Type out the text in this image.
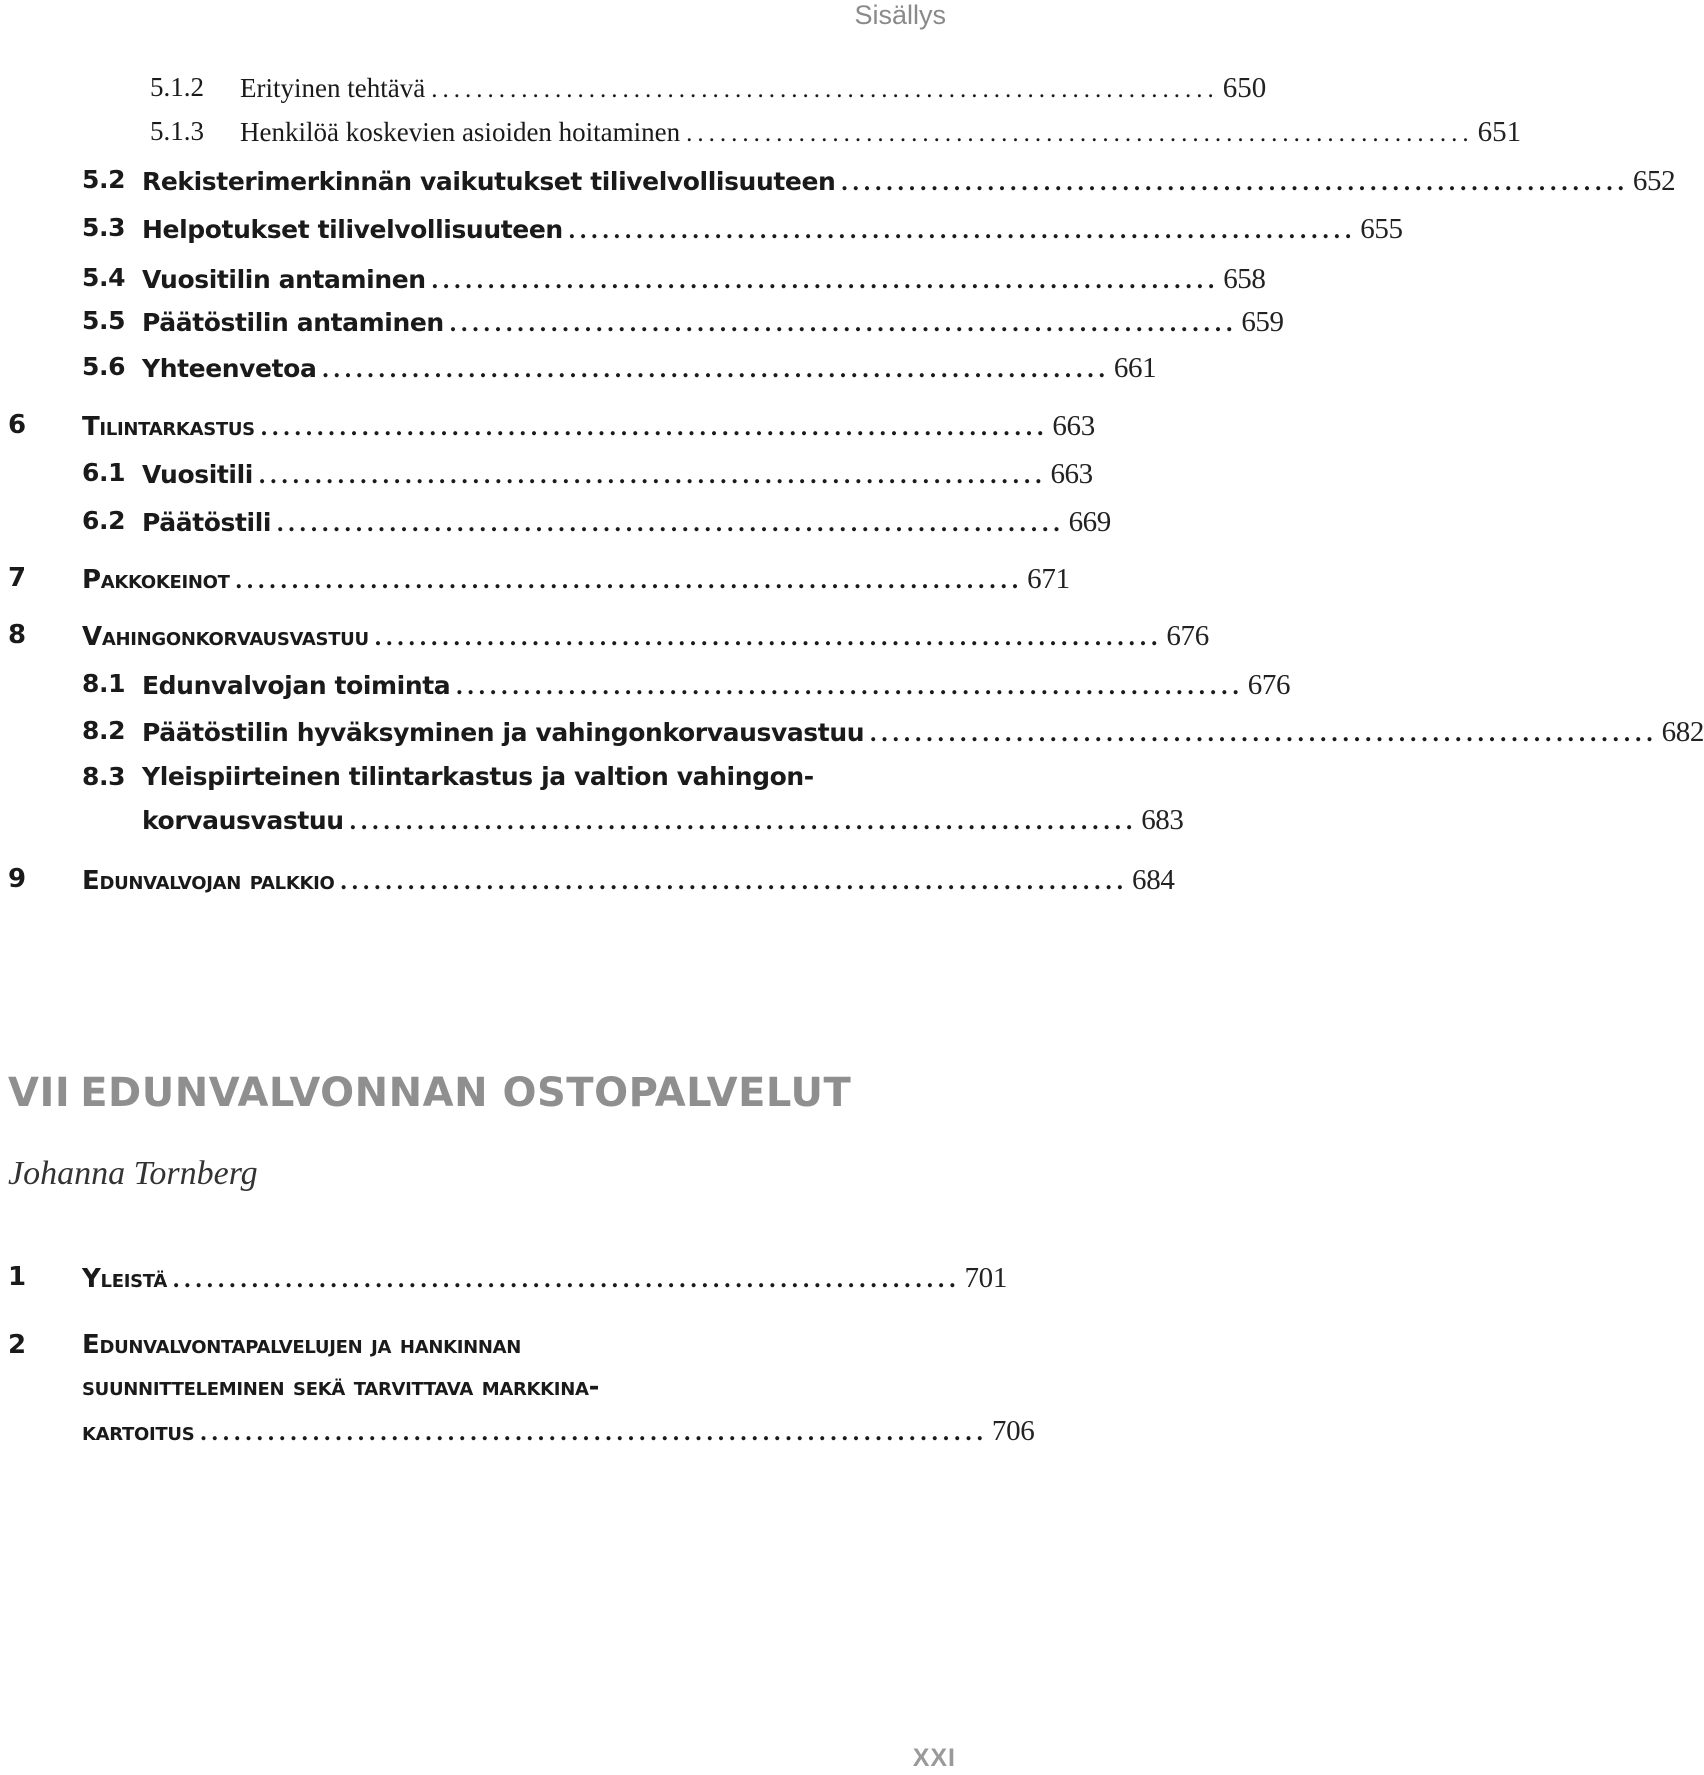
Sisällys
5.1.2 Erityinen tehtävä ...................................................................... 650
5.1.3 Henkilöä koskevien asioiden hoitaminen ...................................................................... 651
5.2 Rekisterimerkinnän vaikutukset tilivelvollisuuteen ...................................................................... 652
5.3 Helpotukset tilivelvollisuuteen ...................................................................... 655
5.4 Vuositilin antaminen ...................................................................... 658
5.5 Päätöstilin antaminen ...................................................................... 659
5.6 Yhteenvetoa ...................................................................... 661
6 Tilintarkastus ...................................................................... 663
6.1 Vuositili ...................................................................... 663
6.2 Päätöstili ...................................................................... 669
7 Pakkokeinot ...................................................................... 671
8 Vahingonkorvausvastuu ...................................................................... 676
8.1 Edunvalvojan toiminta ...................................................................... 676
8.2 Päätöstilin hyväksyminen ja vahingonkorvausvastuu ...................................................................... 682
8.3 Yleispiirteinen tilintarkastus ja valtion vahingon-
korvausvastuu ...................................................................... 683
9 Edunvalvojan palkkio ...................................................................... 684
VII EDUNVALVONNAN OSTOPALVELUT
Johanna Tornberg
1 Yleistä ...................................................................... 701
2 Edunvalvontapalvelujen ja hankinnan
suunnitteleminen sekä tarvittava markkina-
kartoitus ...................................................................... 706
XXI
